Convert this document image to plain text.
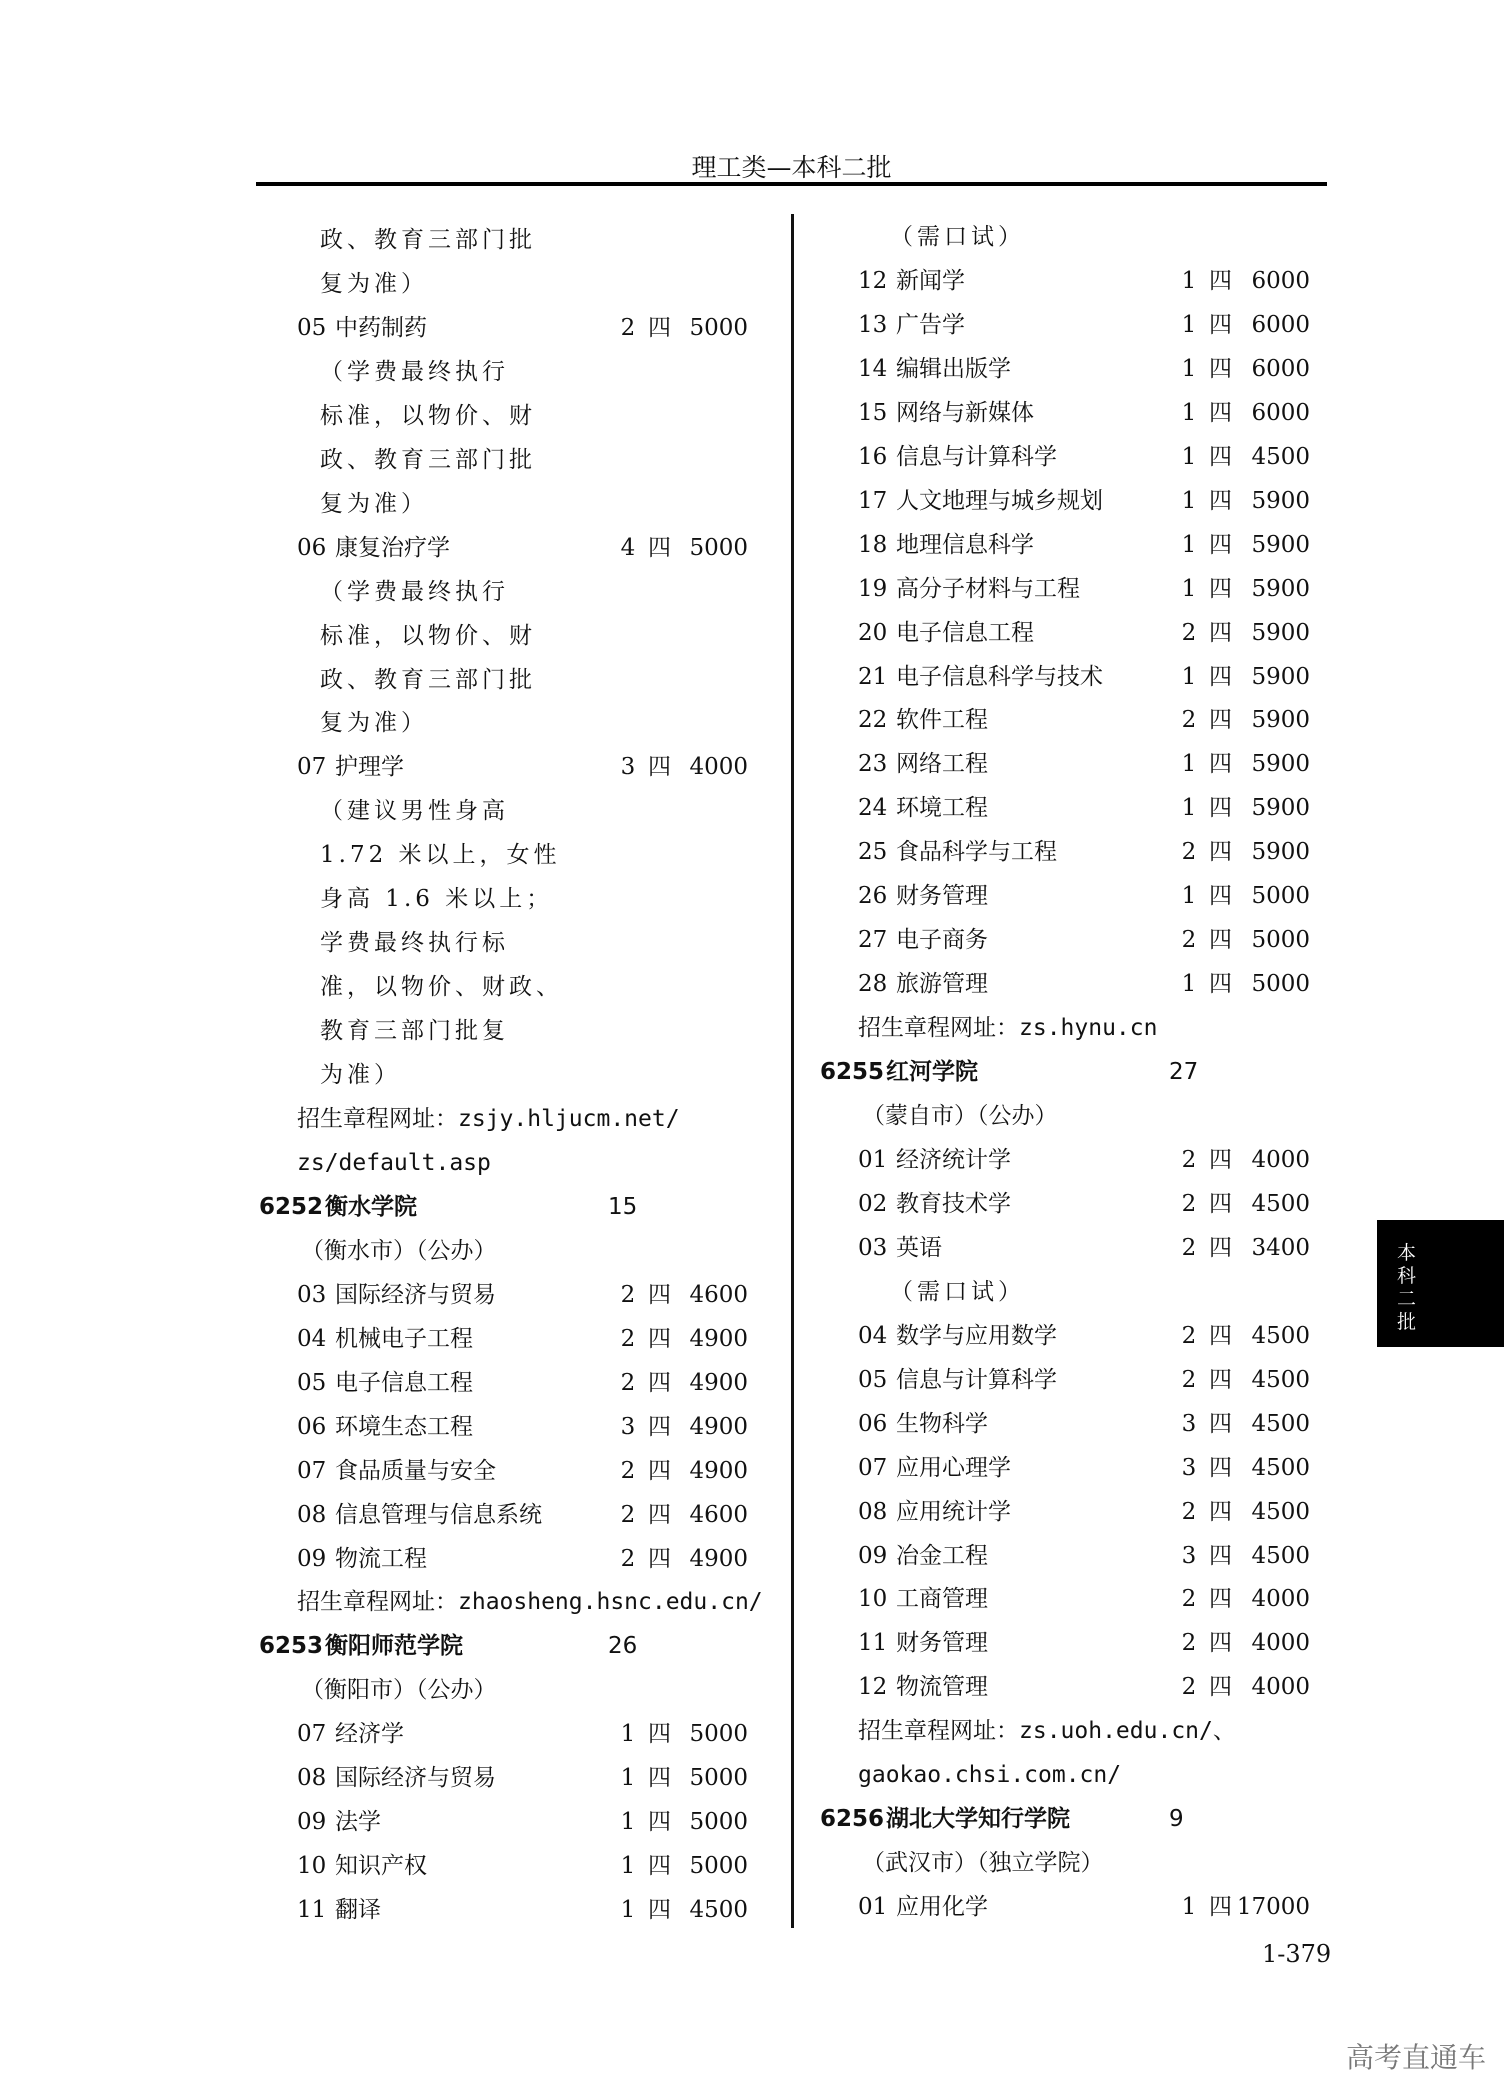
理工类—本科二批
政、教育三部门批
复为准）
05 中药制药	2 四 5000
（学费最终执行
标准，以物价、财
政、教育三部门批
复为准）
06 康复治疗学	4 四 5000
（学费最终执行
标准，以物价、财
政、教育三部门批
复为准）
07 护理学	3 四 4000
（建议男性身高
1.72 米以上，女性
身高 1.6 米以上；
学费最终执行标
准，以物价、财政、
教育三部门批复
为准）
招生章程网址：zsjy.hljucm.net/
zs/default.asp
6252 衡水学院	15
（衡水市）（公办）
03 国际经济与贸易	2 四 4600
04 机械电子工程	2 四 4900
05 电子信息工程	2 四 4900
06 环境生态工程	3 四 4900
07 食品质量与安全	2 四 4900
08 信息管理与信息系统	2 四 4600
09 物流工程	2 四 4900
招生章程网址：zhaosheng.hsnc.edu.cn/
6253 衡阳师范学院	26
（衡阳市）（公办）
07 经济学	1 四 5000
08 国际经济与贸易	1 四 5000
09 法学	1 四 5000
10 知识产权	1 四 5000
11 翻译	1 四 4500
（需口试）
12 新闻学	1 四 6000
13 广告学	1 四 6000
14 编辑出版学	1 四 6000
15 网络与新媒体	1 四 6000
16 信息与计算科学	1 四 4500
17 人文地理与城乡规划	1 四 5900
18 地理信息科学	1 四 5900
19 高分子材料与工程	1 四 5900
20 电子信息工程	2 四 5900
21 电子信息科学与技术	1 四 5900
22 软件工程	2 四 5900
23 网络工程	1 四 5900
24 环境工程	1 四 5900
25 食品科学与工程	2 四 5900
26 财务管理	1 四 5000
27 电子商务	2 四 5000
28 旅游管理	1 四 5000
招生章程网址：zs.hynu.cn
6255 红河学院	27
（蒙自市）（公办）
01 经济统计学	2 四 4000
02 教育技术学	2 四 4500
03 英语	2 四 3400
（需口试）
04 数学与应用数学	2 四 4500
05 信息与计算科学	2 四 4500
06 生物科学	3 四 4500
07 应用心理学	3 四 4500
08 应用统计学	2 四 4500
09 冶金工程	3 四 4500
10 工商管理	2 四 4000
11 财务管理	2 四 4000
12 物流管理	2 四 4000
招生章程网址：zs.uoh.edu.cn/、
gaokao.chsi.com.cn/
6256 湖北大学知行学院	9
（武汉市）（独立学院）
01 应用化学	1 四 17000
1-379
本科二批
高考直通车
